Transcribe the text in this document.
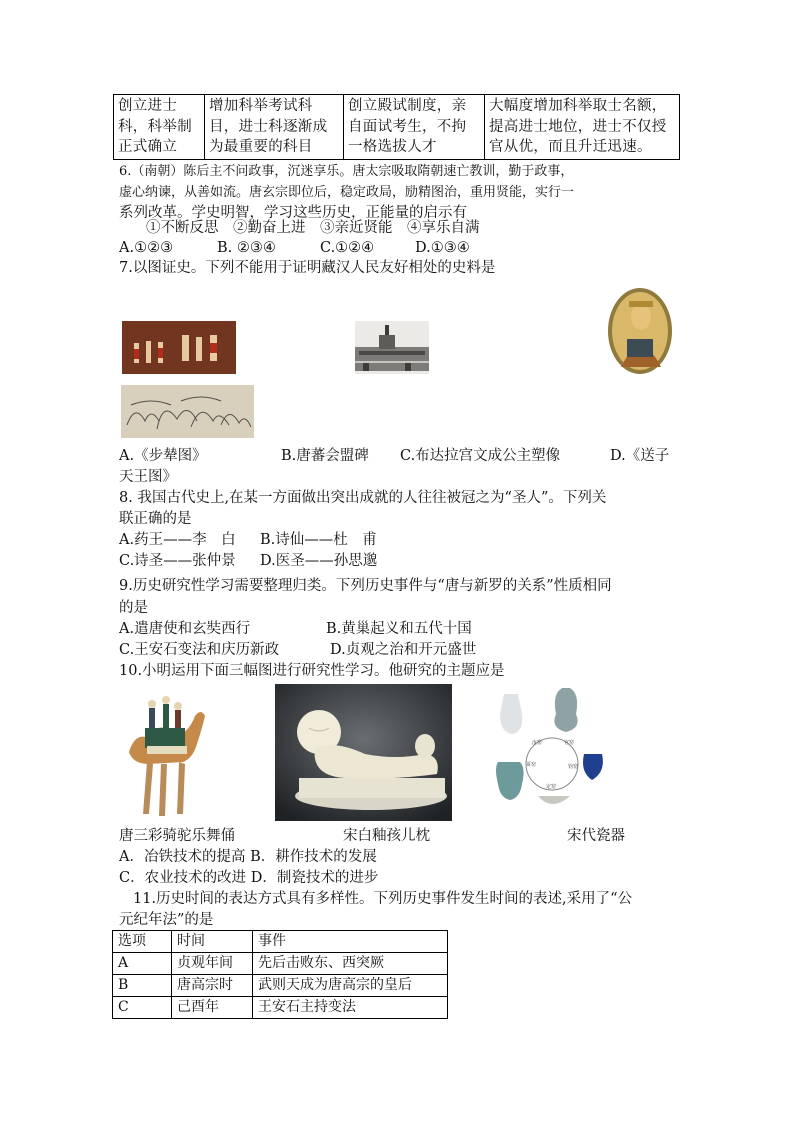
创立进士科，科举制正式确立	增加科举考试科目，进士科逐渐成为最重要的科目	创立殿试制度，亲自面试考生，不拘一格选拔人才	大幅度增加科举取士名额，提高进士地位，进士不仅授官从优，而且升迁迅速。
6.（南朝）陈后主不问政事，沉迷享乐。唐太宗吸取隋朝速亡教训，勤于政事，
虚心纳谏，从善如流。唐玄宗即位后，稳定政局，励精图治，重用贤能，实行一
系列改革。学史明智，学习这些历史，正能量的启示有
①不断反思　②勤奋上进　③亲近贤能　④享乐自满
A.①②③	B. ②③④	C.①②④	D.①③④
7.以图证史。下列不能用于证明藏汉人民友好相处的史料是
A.《步辇图》	B.唐蕃会盟碑 C.布达拉宫文成公主塑像	D.《送子
天王图》
8. 我国古代史上,在某一方面做出突出成就的人往往被冠之为“圣人”。下列关
联正确的是
A.药王——李　白 B.诗仙——杜　甫
C.诗圣——张仲景 D.医圣——孙思邈
9.历史研究性学习需要整理归类。下列历史事件与“唐与新罗的关系”性质相同
的是
A.遣唐使和玄奘西行	B.黄巢起义和五代十国
C.王安石变法和庆历新政	D.贞观之治和开元盛世
10.小明运用下面三幅图进行研究性学习。他研究的主题应是
汝窑	官窑
哥窑	钧窑
定窑
唐三彩骑驼乐舞俑	宋白釉孩儿枕	宋代瓷器
A．冶铁技术的提高 B．耕作技术的发展
C．农业技术的改进 D．制瓷技术的进步
11.历史时间的表达方式具有多样性。下列历史事件发生时间的表述,采用了“公
元纪年法”的是
选项	时间	事件
A	贞观年间	先后击败东、西突厥
B	唐高宗时	武则天成为唐高宗的皇后
C	己酉年	王安石主持变法
